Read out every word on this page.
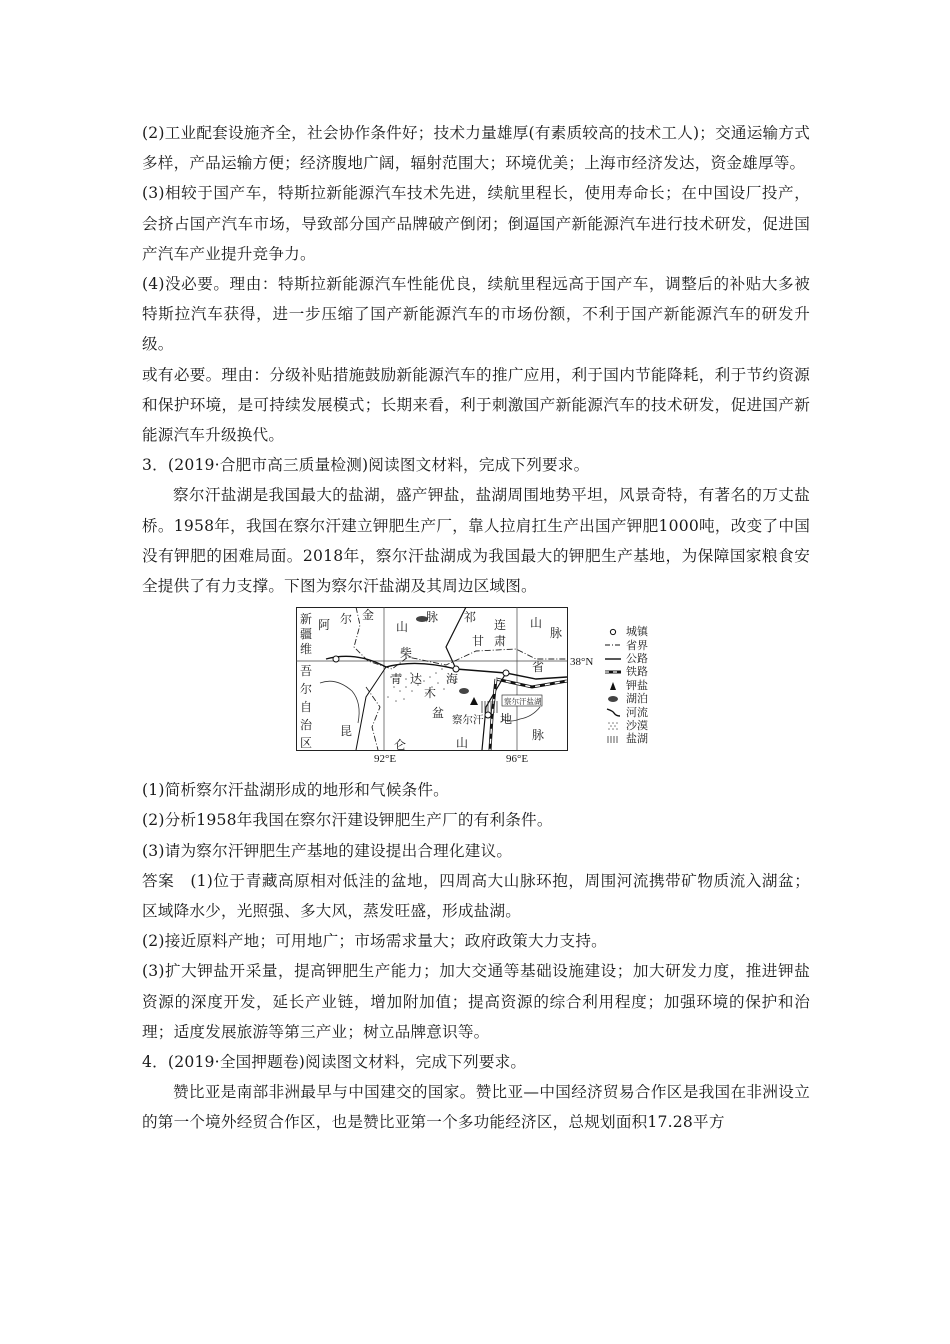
(2)工业配套设施齐全，社会协作条件好；技术力量雄厚(有素质较高的技术工人)；交通运输方式多样，产品运输方便；经济腹地广阔，辐射范围大；环境优美；上海市经济发达，资金雄厚等。

(3)相较于国产车，特斯拉新能源汽车技术先进，续航里程长，使用寿命长；在中国设厂投产，会挤占国产汽车市场，导致部分国产品牌破产倒闭；倒逼国产新能源汽车进行技术研发，促进国产汽车产业提升竞争力。

(4)没必要。理由：特斯拉新能源汽车性能优良，续航里程远高于国产车，调整后的补贴大多被特斯拉汽车获得，进一步压缩了国产新能源汽车的市场份额，不利于国产新能源汽车的研发升级。

或有必要。理由：分级补贴措施鼓励新能源汽车的推广应用，利于国内节能降耗，利于节约资源和保护环境，是可持续发展模式；长期来看，利于刺激国产新能源汽车的技术研发，促进国产新能源汽车升级换代。

3．(2019·合肥市高三质量检测)阅读图文材料，完成下列要求。

察尔汗盐湖是我国最大的盐湖，盛产钾盐，盐湖周围地势平坦，风景奇特，有著名的万丈盐桥。1958年，我国在察尔汗建立钾肥生产厂，靠人拉肩扛生产出国产钾肥1000吨，改变了中国没有钾肥的困难局面。2018年，察尔汗盐湖成为我国最大的钾肥生产基地，为保障国家粮食安全提供了有力支撑。下图为察尔汗盐湖及其周边区域图。

察尔汗盐湖
新
疆
维
吾
尔
自
治
区
阿 尔 金
山
脉
柴
祁
连
甘 肃
山
脉
省
青 达
木
海
盆	地
察尔汗
昆
仑	山
脉
38°N
92°E	96°E
城镇
省界
公路
铁路
钾盐
湖泊
河流
沙漠
盐湖

(1)简析察尔汗盐湖形成的地形和气候条件。

(2)分析1958年我国在察尔汗建设钾肥生产厂的有利条件。

(3)请为察尔汗钾肥生产基地的建设提出合理化建议。

答案　(1)位于青藏高原相对低洼的盆地，四周高大山脉环抱，周围河流携带矿物质流入湖盆；区域降水少，光照强、多大风，蒸发旺盛，形成盐湖。

(2)接近原料产地；可用地广；市场需求量大；政府政策大力支持。

(3)扩大钾盐开采量，提高钾肥生产能力；加大交通等基础设施建设；加大研发力度，推进钾盐资源的深度开发，延长产业链，增加附加值；提高资源的综合利用程度；加强环境的保护和治理；适度发展旅游等第三产业；树立品牌意识等。

4．(2019·全国押题卷)阅读图文材料，完成下列要求。

赞比亚是南部非洲最早与中国建交的国家。赞比亚—中国经济贸易合作区是我国在非洲设立的第一个境外经贸合作区，也是赞比亚第一个多功能经济区，总规划面积17.28平方
